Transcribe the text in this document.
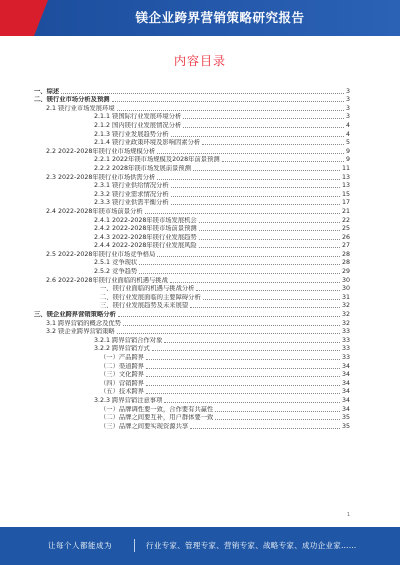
镁企业跨界营销策略研究报告
内容目录
一、综述	3
二、镁行业市场分析及预测	3
2.1 镁行业市场发展环境	3
2.1.1 镁国际行业发展环境分析	3
2.1.2 国内镁行业发展情况分析	4
2.1.3 镁行业发展趋势分析	4
2.1.4 镁行业政策环境及影响因素分析	5
2.2 2022-2028年镁行业市场规模分析	9
2.2.1 2022年镁市场规模及2028年前景预测	9
2.2.2 2028年镁市场发展前景预测	11
2.3 2022-2028年镁行业市场供需分析	13
2.3.1 镁行业供给情况分析	13
2.3.2 镁行业需求情况分析	15
2.3.3 镁行业供需平衡分析	17
2.4 2022-2028年镁市场前景分析	21
2.4.1 2022-2028年镁市场发展机会	22
2.4.2 2022-2028年镁市场前景预测	25
2.4.3 2022-2028年镁行业发展趋势	26
2.4.4 2022-2028年镁行业发展风险	27
2.5 2022-2028年镁行业市场竞争格局	28
2.5.1 竞争现状	28
2.5.2 竞争趋势	29
2.6 2022-2028年镁行业面临的机遇与挑战	30
一、镁行业面临的机遇与挑战分析	30
二、镁行业发展面临的主要障碍分析	31
三、镁行业发展趋势及未来展望	32
三、镁企业跨界营销策略分析	32
3.1 跨界营销的概念及优势	32
3.2 镁企业跨界营销策略	33
3.2.1 跨界营销合作对象	33
3.2.2 跨界营销方式	33
（一）产品跨界	33
（二）渠道跨界	34
（三）文化跨界	34
（四）营销跨界	34
（五）技术跨界	34
3.2.3 跨界营销注意事项	34
（一）品牌调性要一致，合作要有共赢性	34
（二）品牌之间要互补，用户群体要一致	35
（三）品牌之间要实现资源共享	35
1
让每个人都能成为	行业专家、管理专家、营销专家、战略专家、成功企业家……
